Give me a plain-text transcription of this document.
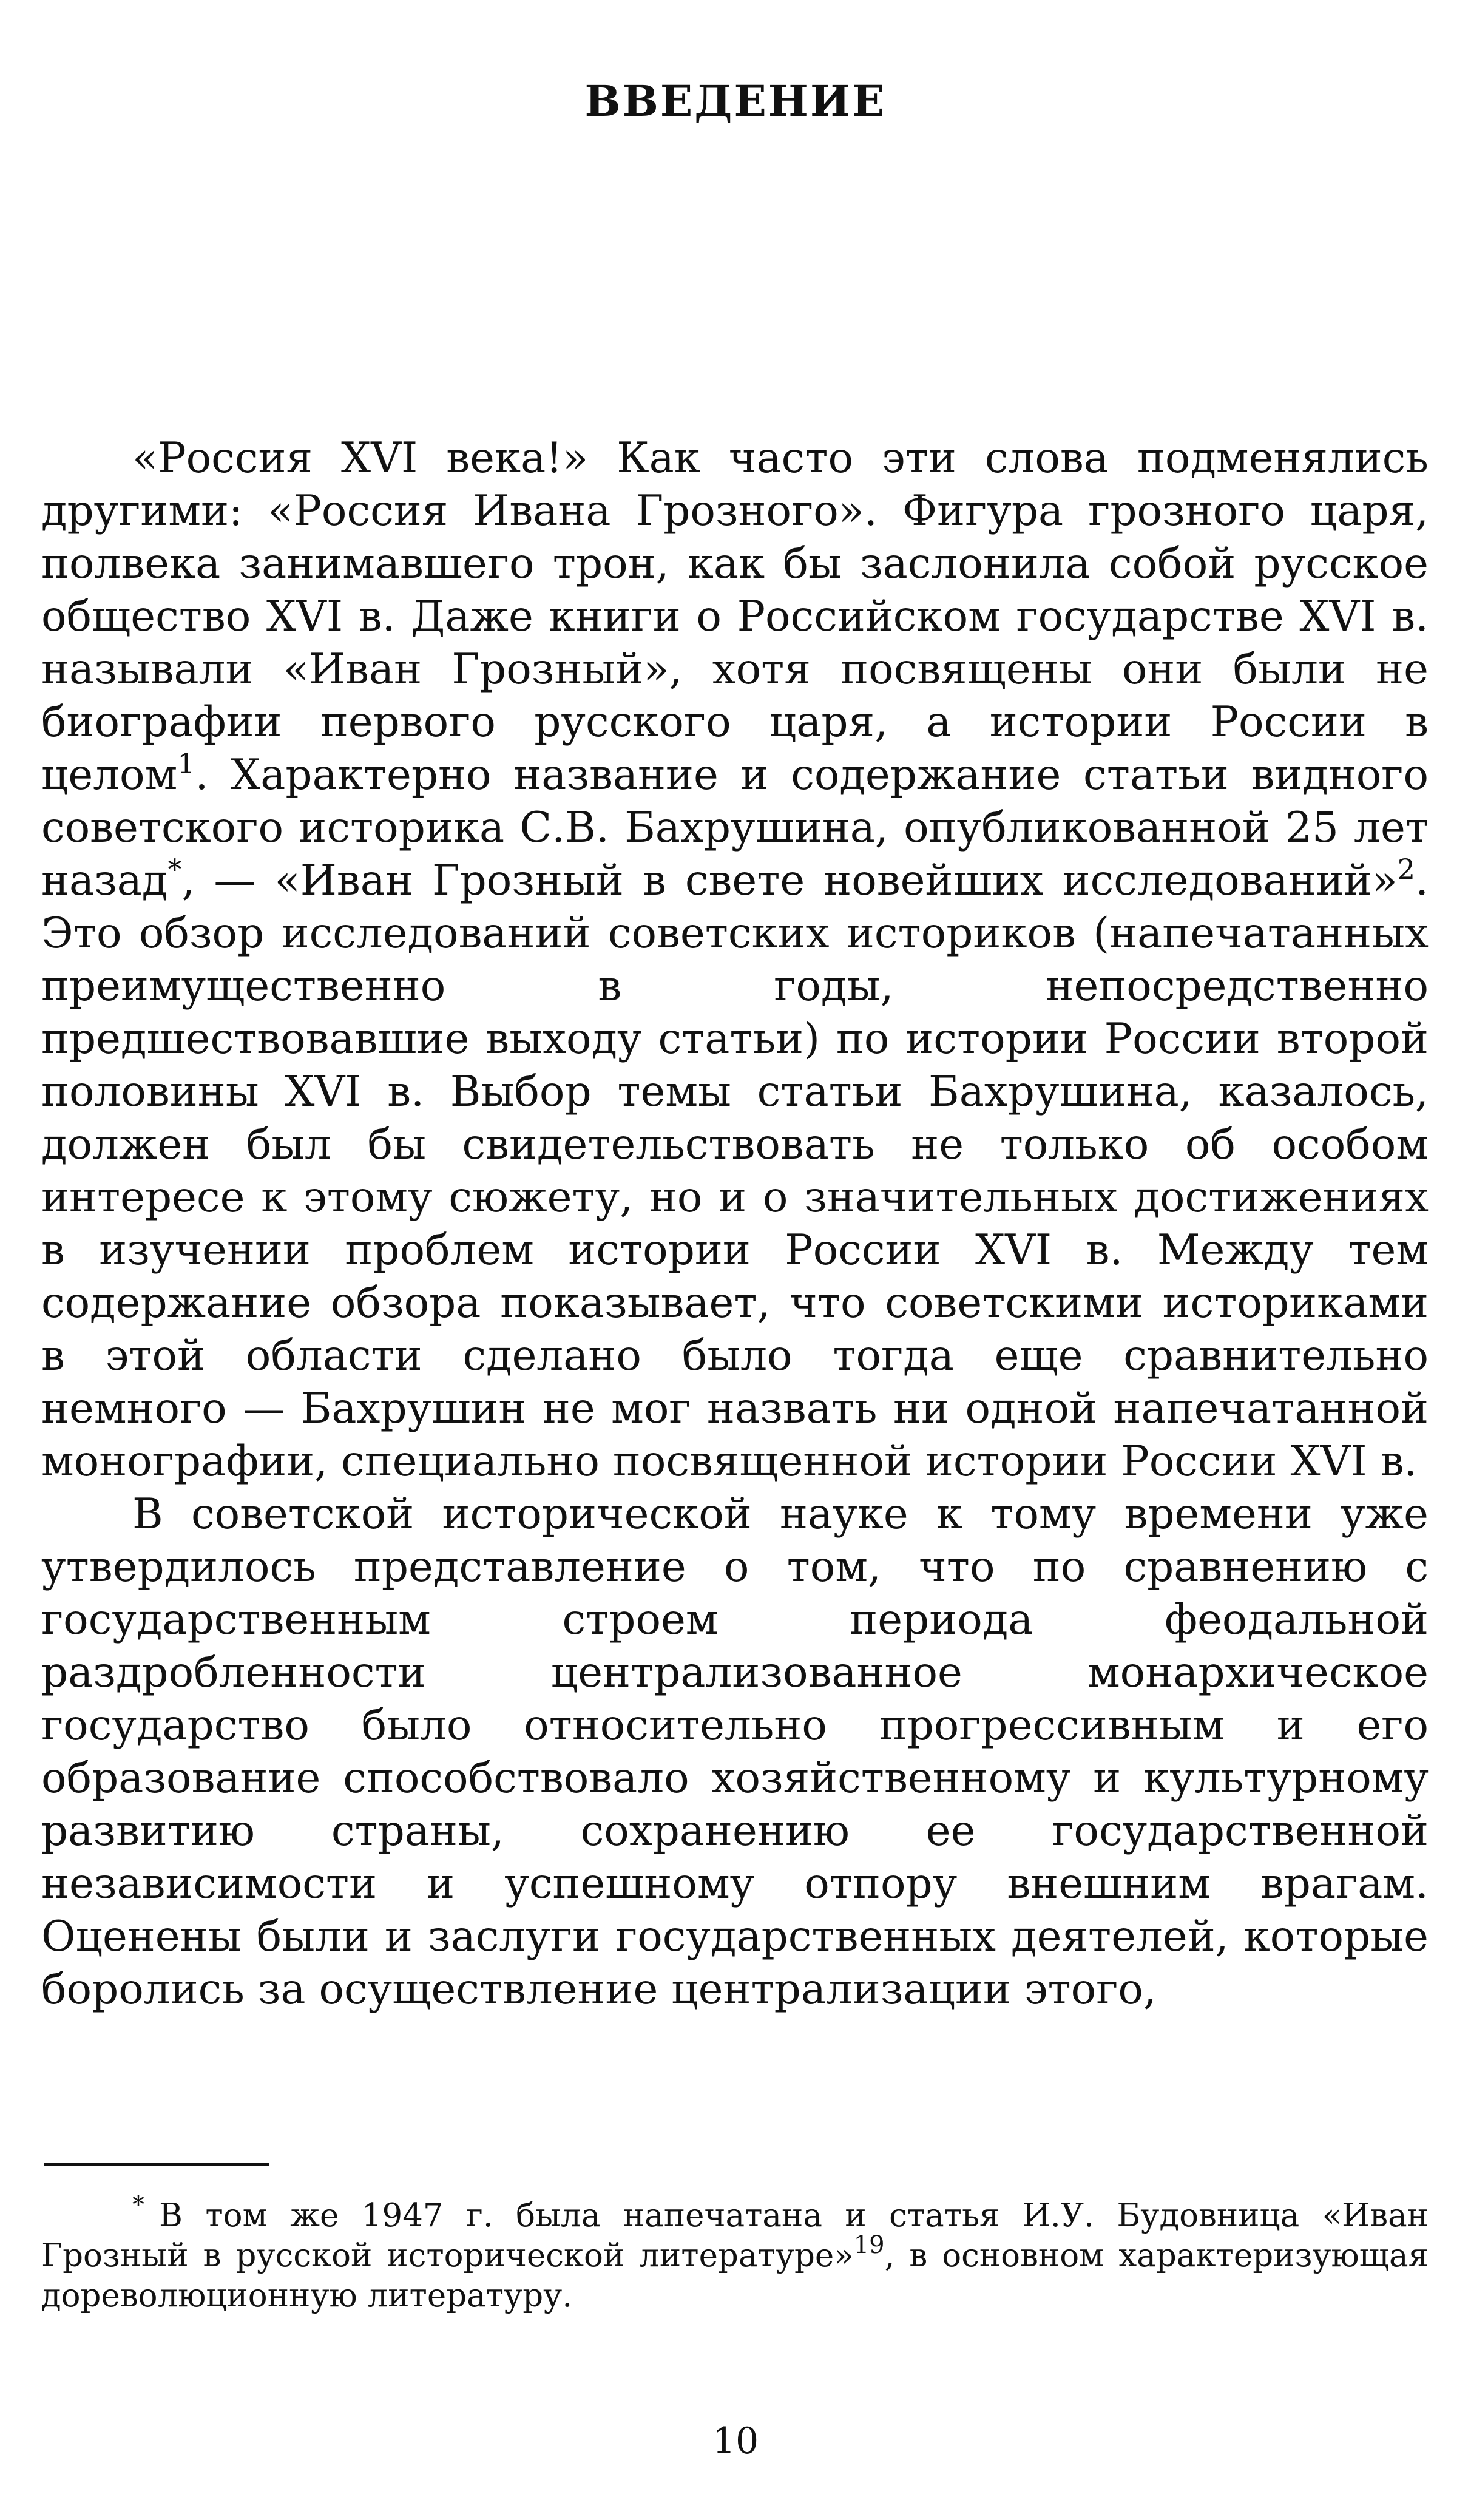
ВВЕДЕНИЕ

«Россия XVI века!» Как часто эти слова подменялись другими: «Россия Ивана Грозного». Фигура грозного царя, полвека занимавшего трон, как бы заслонила собой русское общество XVI в. Даже книги о Российском государстве XVI в. называли «Иван Грозный», хотя посвящены они были не биографии первого русского царя, а истории России в целом$^1$. Характерно название и содержание статьи видного советского историка С.В. Бахрушина, опубликованной 25 лет назад*, — «Иван Грозный в свете новейших исследований»$^2$. Это обзор исследований советских историков (напечатанных преимущественно в годы, непосредственно предшествовавшие выходу статьи) по истории России второй половины XVI в. Выбор темы статьи Бахрушина, казалось, должен был бы свидетельствовать не только об особом интересе к этому сюжету, но и о значительных достижениях в изучении проблем истории России XVI в. Между тем содержание обзора показывает, что советскими историками в этой области сделано было тогда еще сравнительно немного — Бахрушин не мог назвать ни одной напечатанной монографии, специально посвященной истории России XVI в.

В советской исторической науке к тому времени уже утвердилось представление о том, что по сравнению с государственным строем периода феодальной раздробленности централизованное монархическое государство было относительно прогрессивным и его образование способствовало хозяйственному и культурному развитию страны, сохранению ее государственной независимости и успешному отпору внешним врагам. Оценены были и заслуги государственных деятелей, которые боролись за осуществление централизации этого,

* В том же 1947 г. была напечатана и статья И.У. Будовница «Иван Грозный в русской исторической литературе»$^{19}$, в основном характеризующая дореволюционную литературу.

10
